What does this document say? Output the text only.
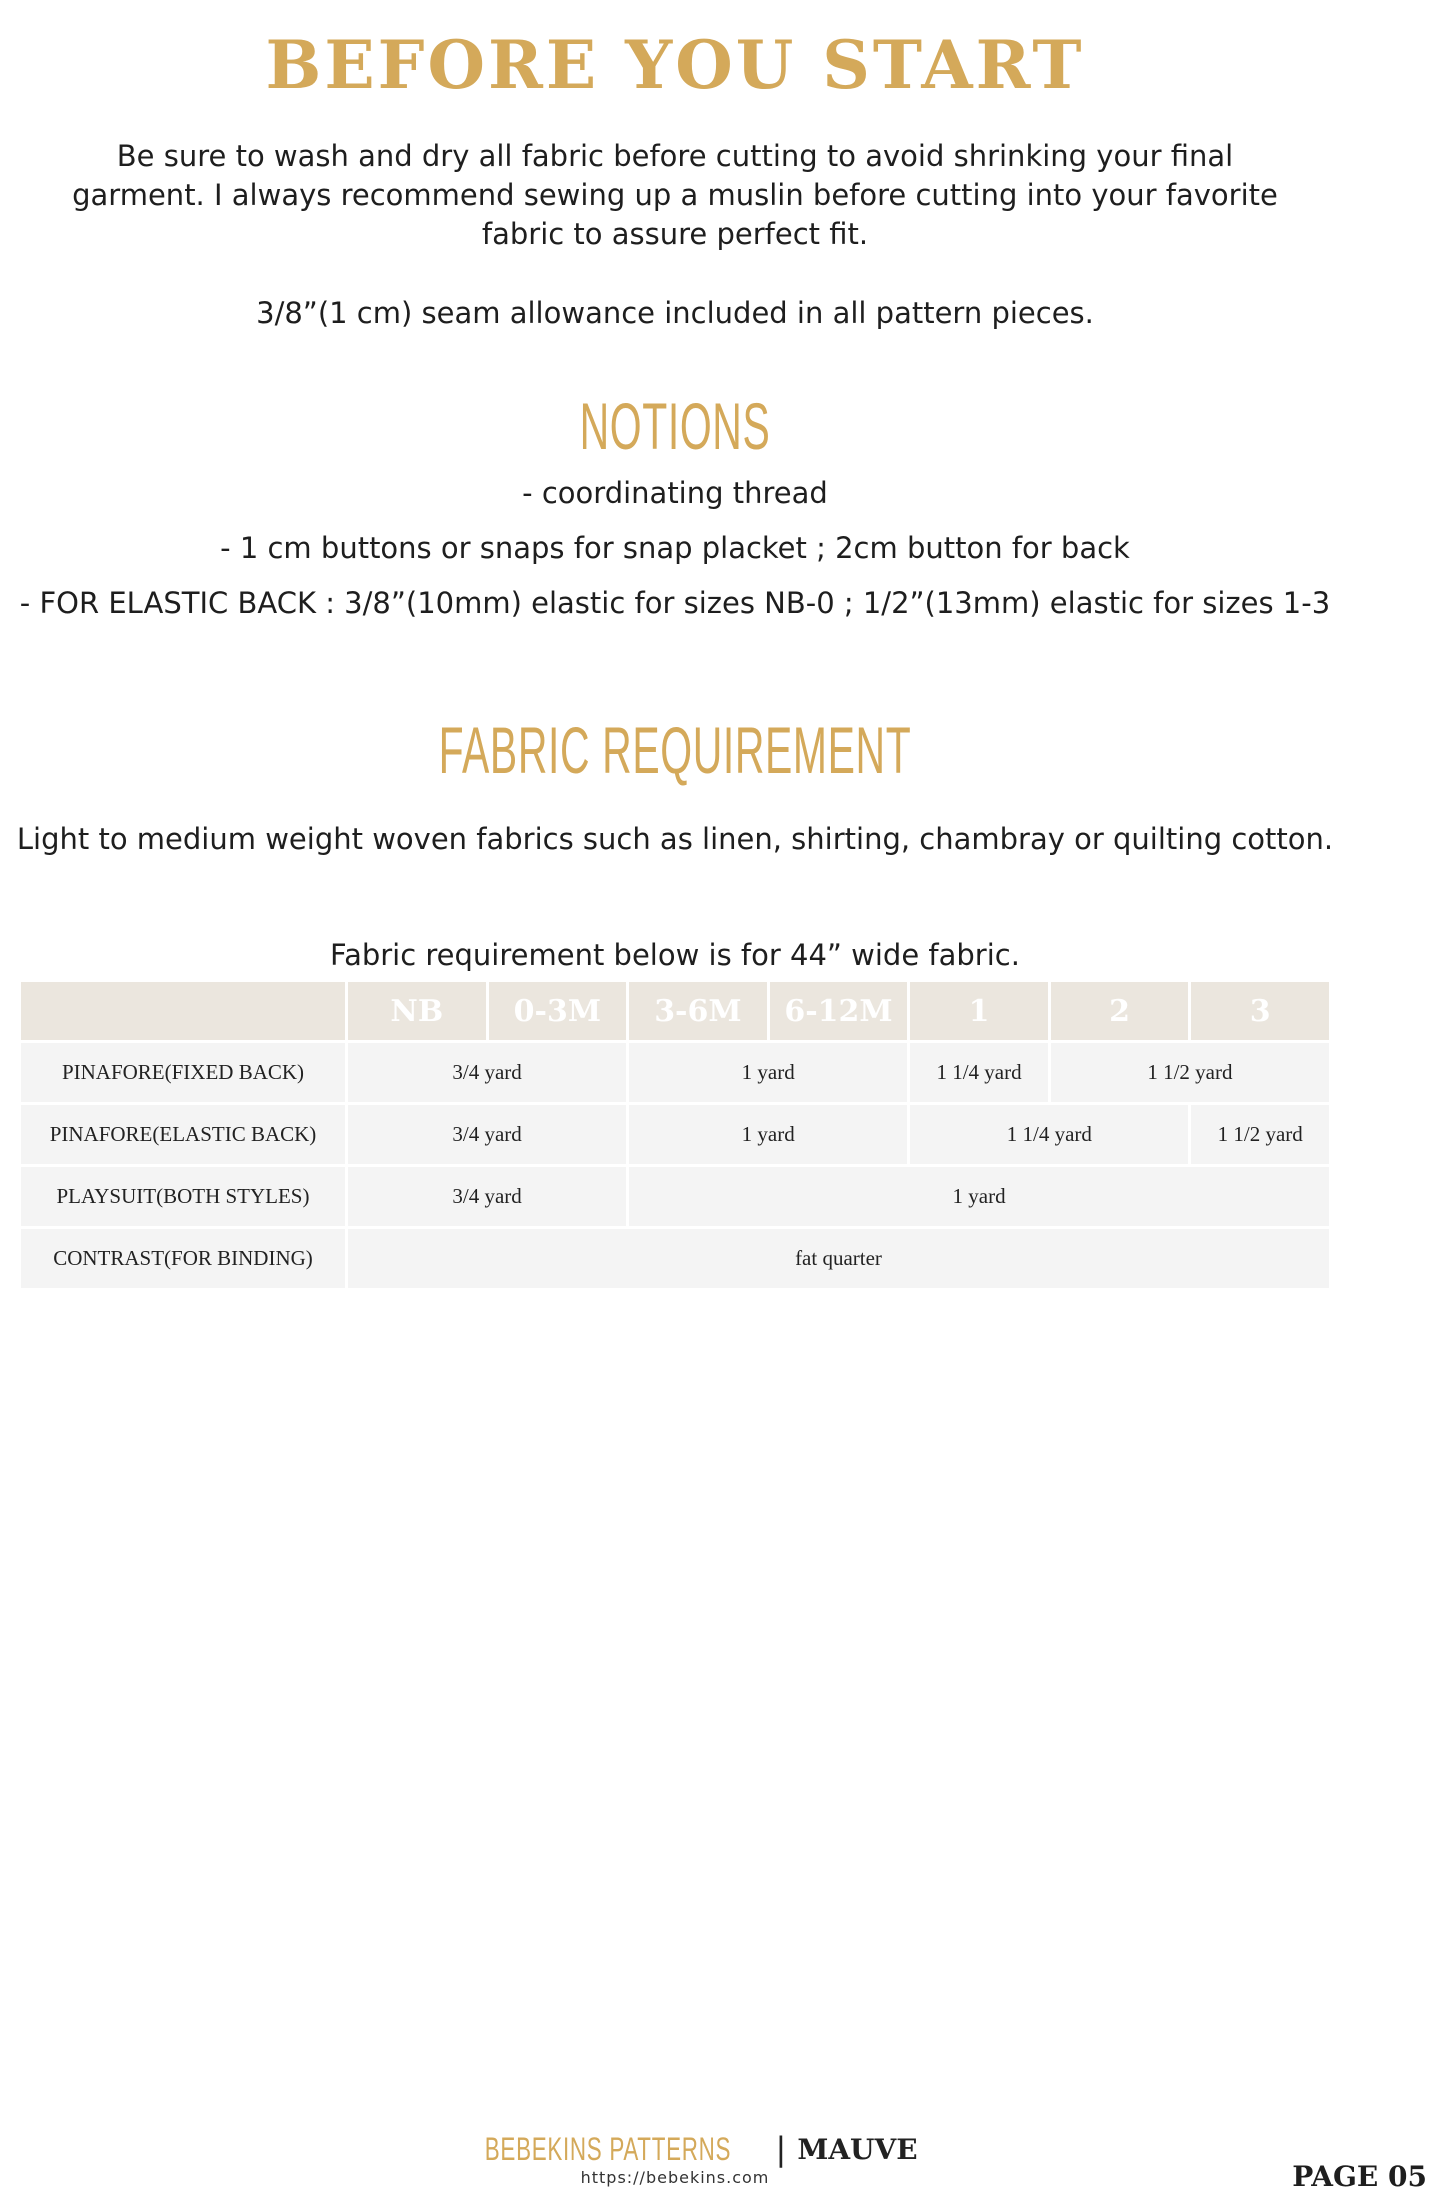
BEFORE YOU START

Be sure to wash and dry all fabric before cutting to avoid shrinking your final garment. I always recommend sewing up a muslin before cutting into your favorite fabric to assure perfect fit.

3/8”(1 cm) seam allowance included in all pattern pieces.

NOTIONS
- coordinating thread
- 1 cm buttons or snaps for snap placket ; 2cm button for back
- FOR ELASTIC BACK : 3/8”(10mm) elastic for sizes NB-0 ; 1/2”(13mm) elastic for sizes 1-3
FABRIC REQUIREMENT

Light to medium weight woven fabrics such as linen, shirting, chambray or quilting cotton.

Fabric requirement below is for 44” wide fabric.

	NB	0-3M	3-6M	6-12M	1	2	3
PINAFORE(FIXED BACK)	3/4 yard		1 yard		1 1/4 yard	1 1/2 yard	
PINAFORE(ELASTIC BACK)	3/4 yard		1 yard		1 1/4 yard		1 1/2 yard
PLAYSUIT(BOTH STYLES)	3/4 yard		1 yard				
CONTRAST(FOR BINDING)	fat quarter						
BEBEKINS PATTERNS | MAUVE
https://bebekins.com	PAGE 05
